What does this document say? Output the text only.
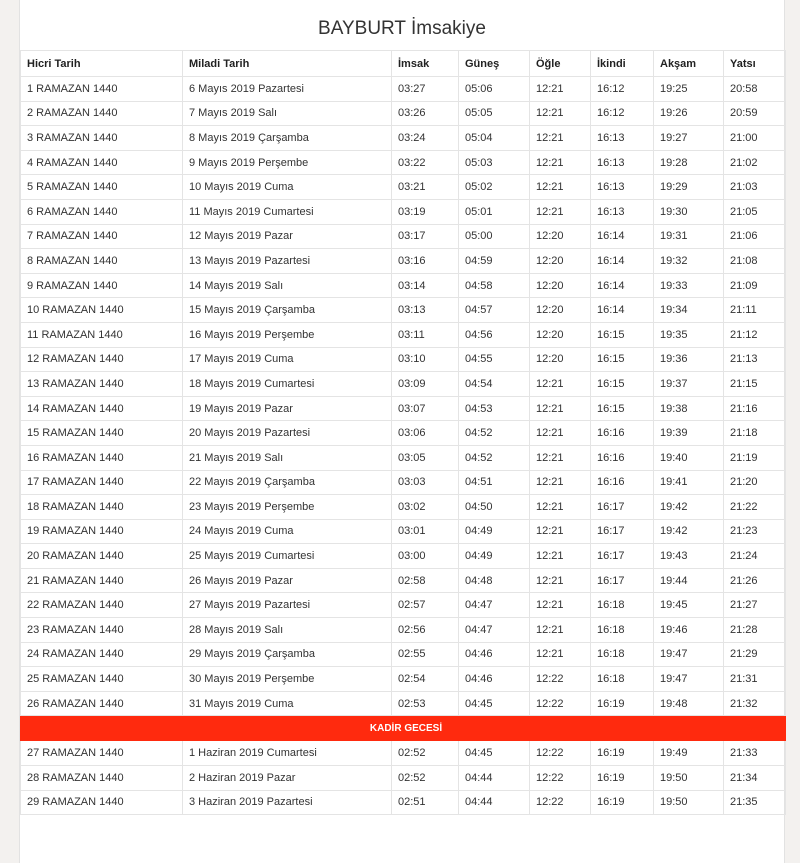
BAYBURT İmsakiye
Hicri Tarih	Miladi Tarih	İmsak	Güneş	Öğle	İkindi	Akşam	Yatsı
1 RAMAZAN 1440	6 Mayıs 2019 Pazartesi	03:27	05:06	12:21	16:12	19:25	20:58
2 RAMAZAN 1440	7 Mayıs 2019 Salı	03:26	05:05	12:21	16:12	19:26	20:59
3 RAMAZAN 1440	8 Mayıs 2019 Çarşamba	03:24	05:04	12:21	16:13	19:27	21:00
4 RAMAZAN 1440	9 Mayıs 2019 Perşembe	03:22	05:03	12:21	16:13	19:28	21:02
5 RAMAZAN 1440	10 Mayıs 2019 Cuma	03:21	05:02	12:21	16:13	19:29	21:03
6 RAMAZAN 1440	11 Mayıs 2019 Cumartesi	03:19	05:01	12:21	16:13	19:30	21:05
7 RAMAZAN 1440	12 Mayıs 2019 Pazar	03:17	05:00	12:20	16:14	19:31	21:06
8 RAMAZAN 1440	13 Mayıs 2019 Pazartesi	03:16	04:59	12:20	16:14	19:32	21:08
9 RAMAZAN 1440	14 Mayıs 2019 Salı	03:14	04:58	12:20	16:14	19:33	21:09
10 RAMAZAN 1440	15 Mayıs 2019 Çarşamba	03:13	04:57	12:20	16:14	19:34	21:11
11 RAMAZAN 1440	16 Mayıs 2019 Perşembe	03:11	04:56	12:20	16:15	19:35	21:12
12 RAMAZAN 1440	17 Mayıs 2019 Cuma	03:10	04:55	12:20	16:15	19:36	21:13
13 RAMAZAN 1440	18 Mayıs 2019 Cumartesi	03:09	04:54	12:21	16:15	19:37	21:15
14 RAMAZAN 1440	19 Mayıs 2019 Pazar	03:07	04:53	12:21	16:15	19:38	21:16
15 RAMAZAN 1440	20 Mayıs 2019 Pazartesi	03:06	04:52	12:21	16:16	19:39	21:18
16 RAMAZAN 1440	21 Mayıs 2019 Salı	03:05	04:52	12:21	16:16	19:40	21:19
17 RAMAZAN 1440	22 Mayıs 2019 Çarşamba	03:03	04:51	12:21	16:16	19:41	21:20
18 RAMAZAN 1440	23 Mayıs 2019 Perşembe	03:02	04:50	12:21	16:17	19:42	21:22
19 RAMAZAN 1440	24 Mayıs 2019 Cuma	03:01	04:49	12:21	16:17	19:42	21:23
20 RAMAZAN 1440	25 Mayıs 2019 Cumartesi	03:00	04:49	12:21	16:17	19:43	21:24
21 RAMAZAN 1440	26 Mayıs 2019 Pazar	02:58	04:48	12:21	16:17	19:44	21:26
22 RAMAZAN 1440	27 Mayıs 2019 Pazartesi	02:57	04:47	12:21	16:18	19:45	21:27
23 RAMAZAN 1440	28 Mayıs 2019 Salı	02:56	04:47	12:21	16:18	19:46	21:28
24 RAMAZAN 1440	29 Mayıs 2019 Çarşamba	02:55	04:46	12:21	16:18	19:47	21:29
25 RAMAZAN 1440	30 Mayıs 2019 Perşembe	02:54	04:46	12:22	16:18	19:47	21:31
26 RAMAZAN 1440	31 Mayıs 2019 Cuma	02:53	04:45	12:22	16:19	19:48	21:32
KADİR GECESİ							
27 RAMAZAN 1440	1 Haziran 2019 Cumartesi	02:52	04:45	12:22	16:19	19:49	21:33
28 RAMAZAN 1440	2 Haziran 2019 Pazar	02:52	04:44	12:22	16:19	19:50	21:34
29 RAMAZAN 1440	3 Haziran 2019 Pazartesi	02:51	04:44	12:22	16:19	19:50	21:35
